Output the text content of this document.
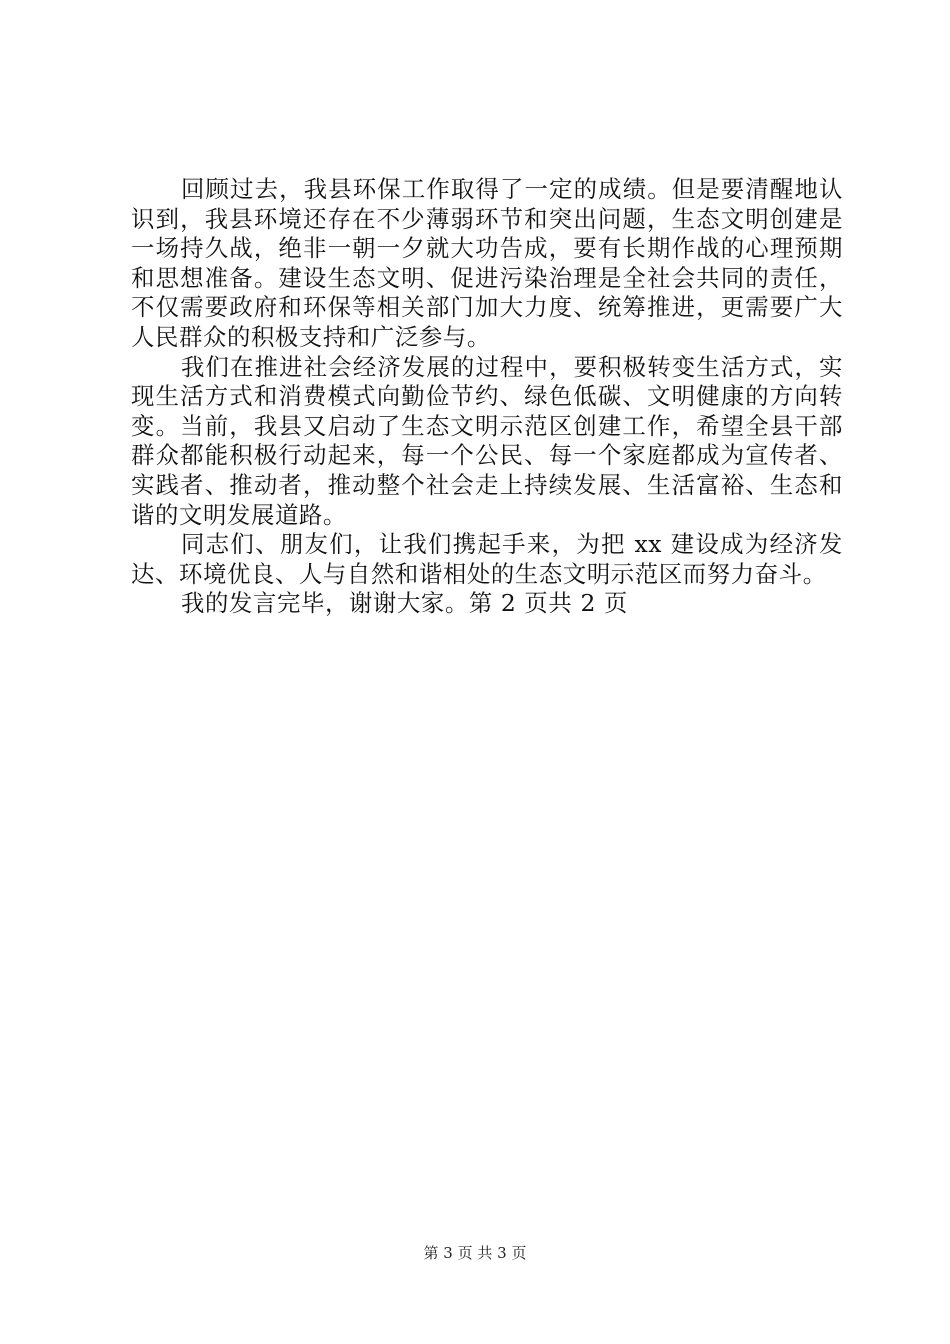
回顾过去，我县环保工作取得了一定的成绩。但是要清醒地认识到，我县环境还存在不少薄弱环节和突出问题，生态文明创建是一场持久战，绝非一朝一夕就大功告成，要有长期作战的心理预期和思想准备。建设生态文明、促进污染治理是全社会共同的责任，不仅需要政府和环保等相关部门加大力度、统筹推进，更需要广大人民群众的积极支持和广泛参与。

我们在推进社会经济发展的过程中，要积极转变生活方式，实现生活方式和消费模式向勤俭节约、绿色低碳、文明健康的方向转变。当前，我县又启动了生态文明示范区创建工作，希望全县干部群众都能积极行动起来，每一个公民、每一个家庭都成为宣传者、实践者、推动者，推动整个社会走上持续发展、生活富裕、生态和谐的文明发展道路。

同志们、朋友们，让我们携起手来，为把 xx 建设成为经济发达、环境优良、人与自然和谐相处的生态文明示范区而努力奋斗。

我的发言完毕，谢谢大家。第 2 页共 2 页

第 3 页 共 3 页
